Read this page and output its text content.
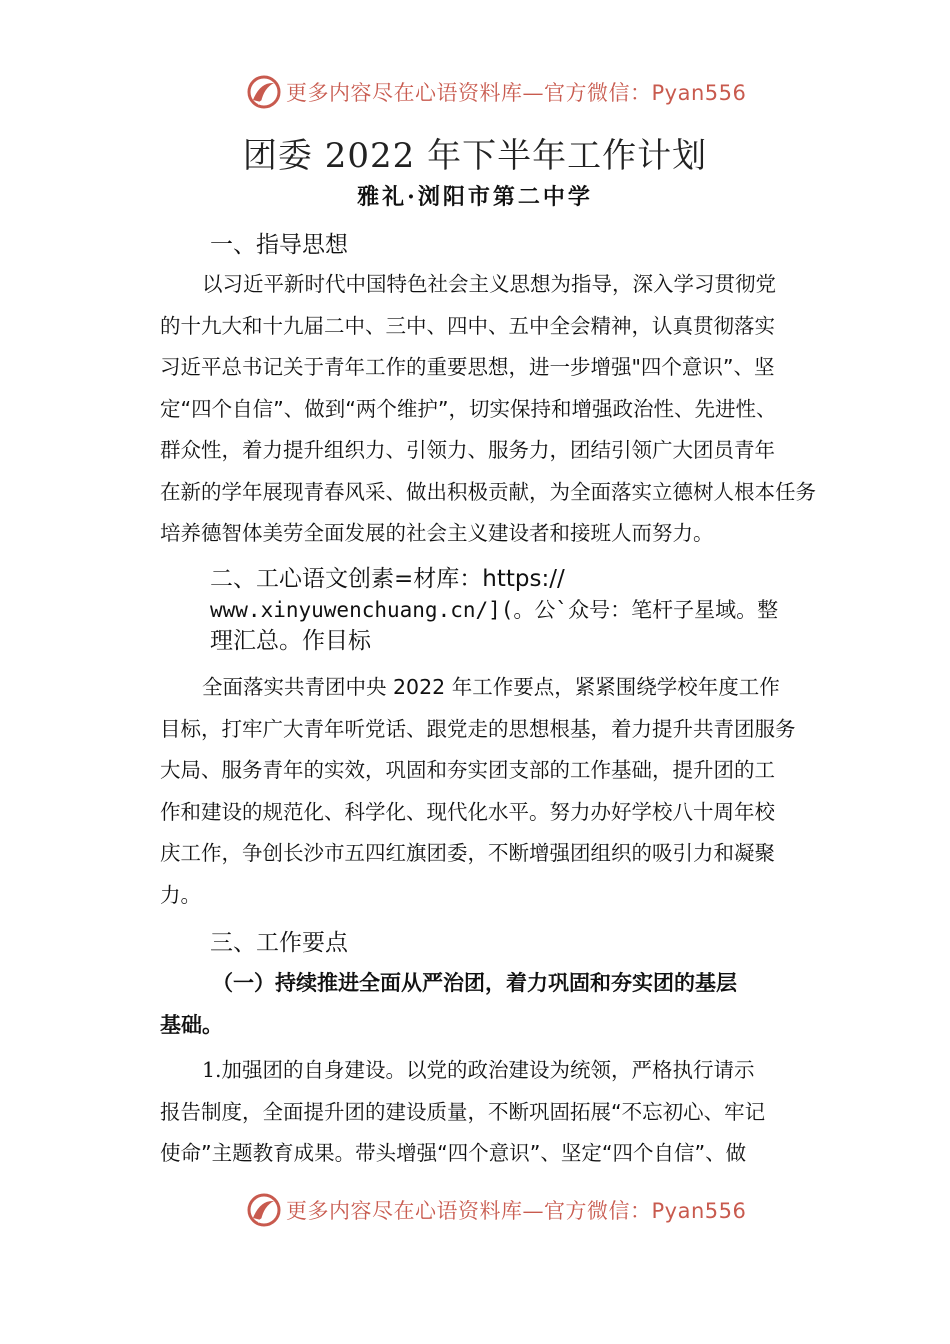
更多内容尽在心语资料库—官方微信：Pyan556
团委 2022 年下半年工作计划
雅礼·浏阳市第二中学
一、指导思想
以习近平新时代中国特色社会主义思想为指导，深入学习贯彻党
的十九大和十九届二中、三中、四中、五中全会精神，认真贯彻落实
习近平总书记关于青年工作的重要思想，进一步增强"四个意识”、坚
定“四个自信”、做到“两个维护”，切实保持和增强政治性、先进性、
群众性，着力提升组织力、引领力、服务力，团结引领广大团员青年
在新的学年展现青春风采、做出积极贡献，为全面落实立德树人根本任务
培养德智体美劳全面发展的社会主义建设者和接班人而努力。
二、工心语文创素=材库：https://
www.xinyuwenchuang.cn/](。公`众号：笔杆子星域。整
理汇总。作目标
全面落实共青团中央 2022 年工作要点，紧紧围绕学校年度工作
目标，打牢广大青年听党话、跟党走的思想根基，着力提升共青团服务
大局、服务青年的实效，巩固和夯实团支部的工作基础，提升团的工
作和建设的规范化、科学化、现代化水平。努力办好学校八十周年校
庆工作，争创长沙市五四红旗团委，不断增强团组织的吸引力和凝聚
力。
三、工作要点
（一）持续推进全面从严治团，着力巩固和夯实团的基层
基础。
1.加强团的自身建设。以党的政治建设为统领，严格执行请示
报告制度，全面提升团的建设质量，不断巩固拓展“不忘初心、牢记
使命”主题教育成果。带头增强“四个意识”、坚定“四个自信”、做
更多内容尽在心语资料库—官方微信：Pyan556
